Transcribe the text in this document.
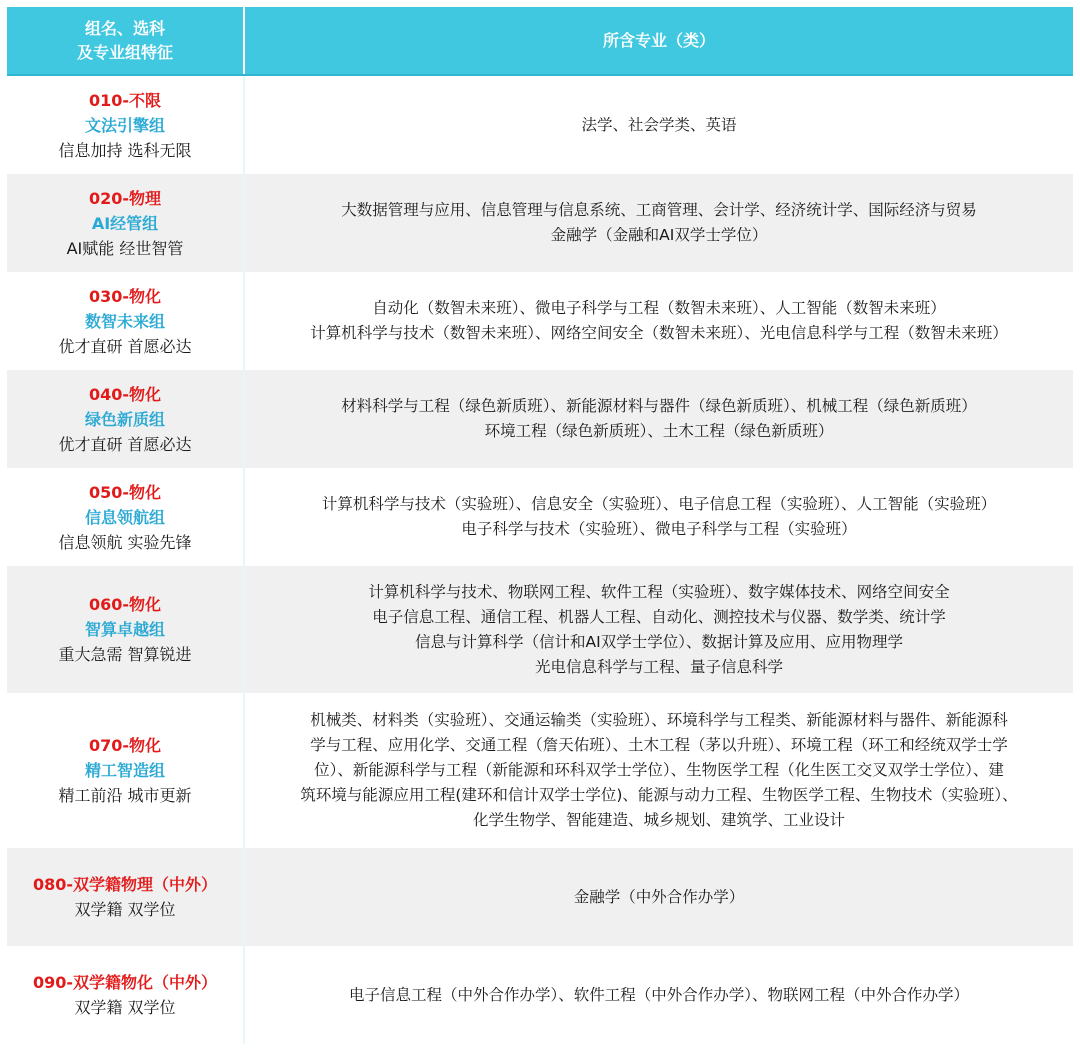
组名、选科
及专业组特征
所含专业（类）
010-不限
文法引擎组
信息加持 选科无限
法学、社会学类、英语
020-物理
AI经管组
AI赋能 经世智管
大数据管理与应用、信息管理与信息系统、工商管理、会计学、经济统计学、国际经济与贸易
金融学（金融和AI双学士学位）
030-物化
数智未来组
优才直研 首愿必达
自动化（数智未来班）、微电子科学与工程（数智未来班）、人工智能（数智未来班）
计算机科学与技术（数智未来班）、网络空间安全（数智未来班）、光电信息科学与工程（数智未来班）
040-物化
绿色新质组
优才直研 首愿必达
材料科学与工程（绿色新质班）、新能源材料与器件（绿色新质班）、机械工程（绿色新质班）
环境工程（绿色新质班）、土木工程（绿色新质班）
050-物化
信息领航组
信息领航 实验先锋
计算机科学与技术（实验班）、信息安全（实验班）、电子信息工程（实验班）、人工智能（实验班）
电子科学与技术（实验班）、微电子科学与工程（实验班）
060-物化
智算卓越组
重大急需 智算锐进
计算机科学与技术、物联网工程、软件工程（实验班）、数字媒体技术、网络空间安全
电子信息工程、通信工程、机器人工程、自动化、测控技术与仪器、数学类、统计学
信息与计算科学（信计和AI双学士学位）、数据计算及应用、应用物理学
光电信息科学与工程、量子信息科学
070-物化
精工智造组
精工前沿 城市更新
机械类、材料类（实验班）、交通运输类（实验班）、环境科学与工程类、新能源材料与器件、新能源科
学与工程、应用化学、交通工程（詹天佑班）、土木工程（茅以升班）、环境工程（环工和经统双学士学
位）、新能源科学与工程（新能源和环科双学士学位）、生物医学工程（化生医工交叉双学士学位）、建
筑环境与能源应用工程(建环和信计双学士学位)、能源与动力工程、生物医学工程、生物技术（实验班）、
化学生物学、智能建造、城乡规划、建筑学、工业设计
080-双学籍物理（中外）
双学籍 双学位
金融学（中外合作办学）
090-双学籍物化（中外）
双学籍 双学位
电子信息工程（中外合作办学）、软件工程（中外合作办学）、物联网工程（中外合作办学）
